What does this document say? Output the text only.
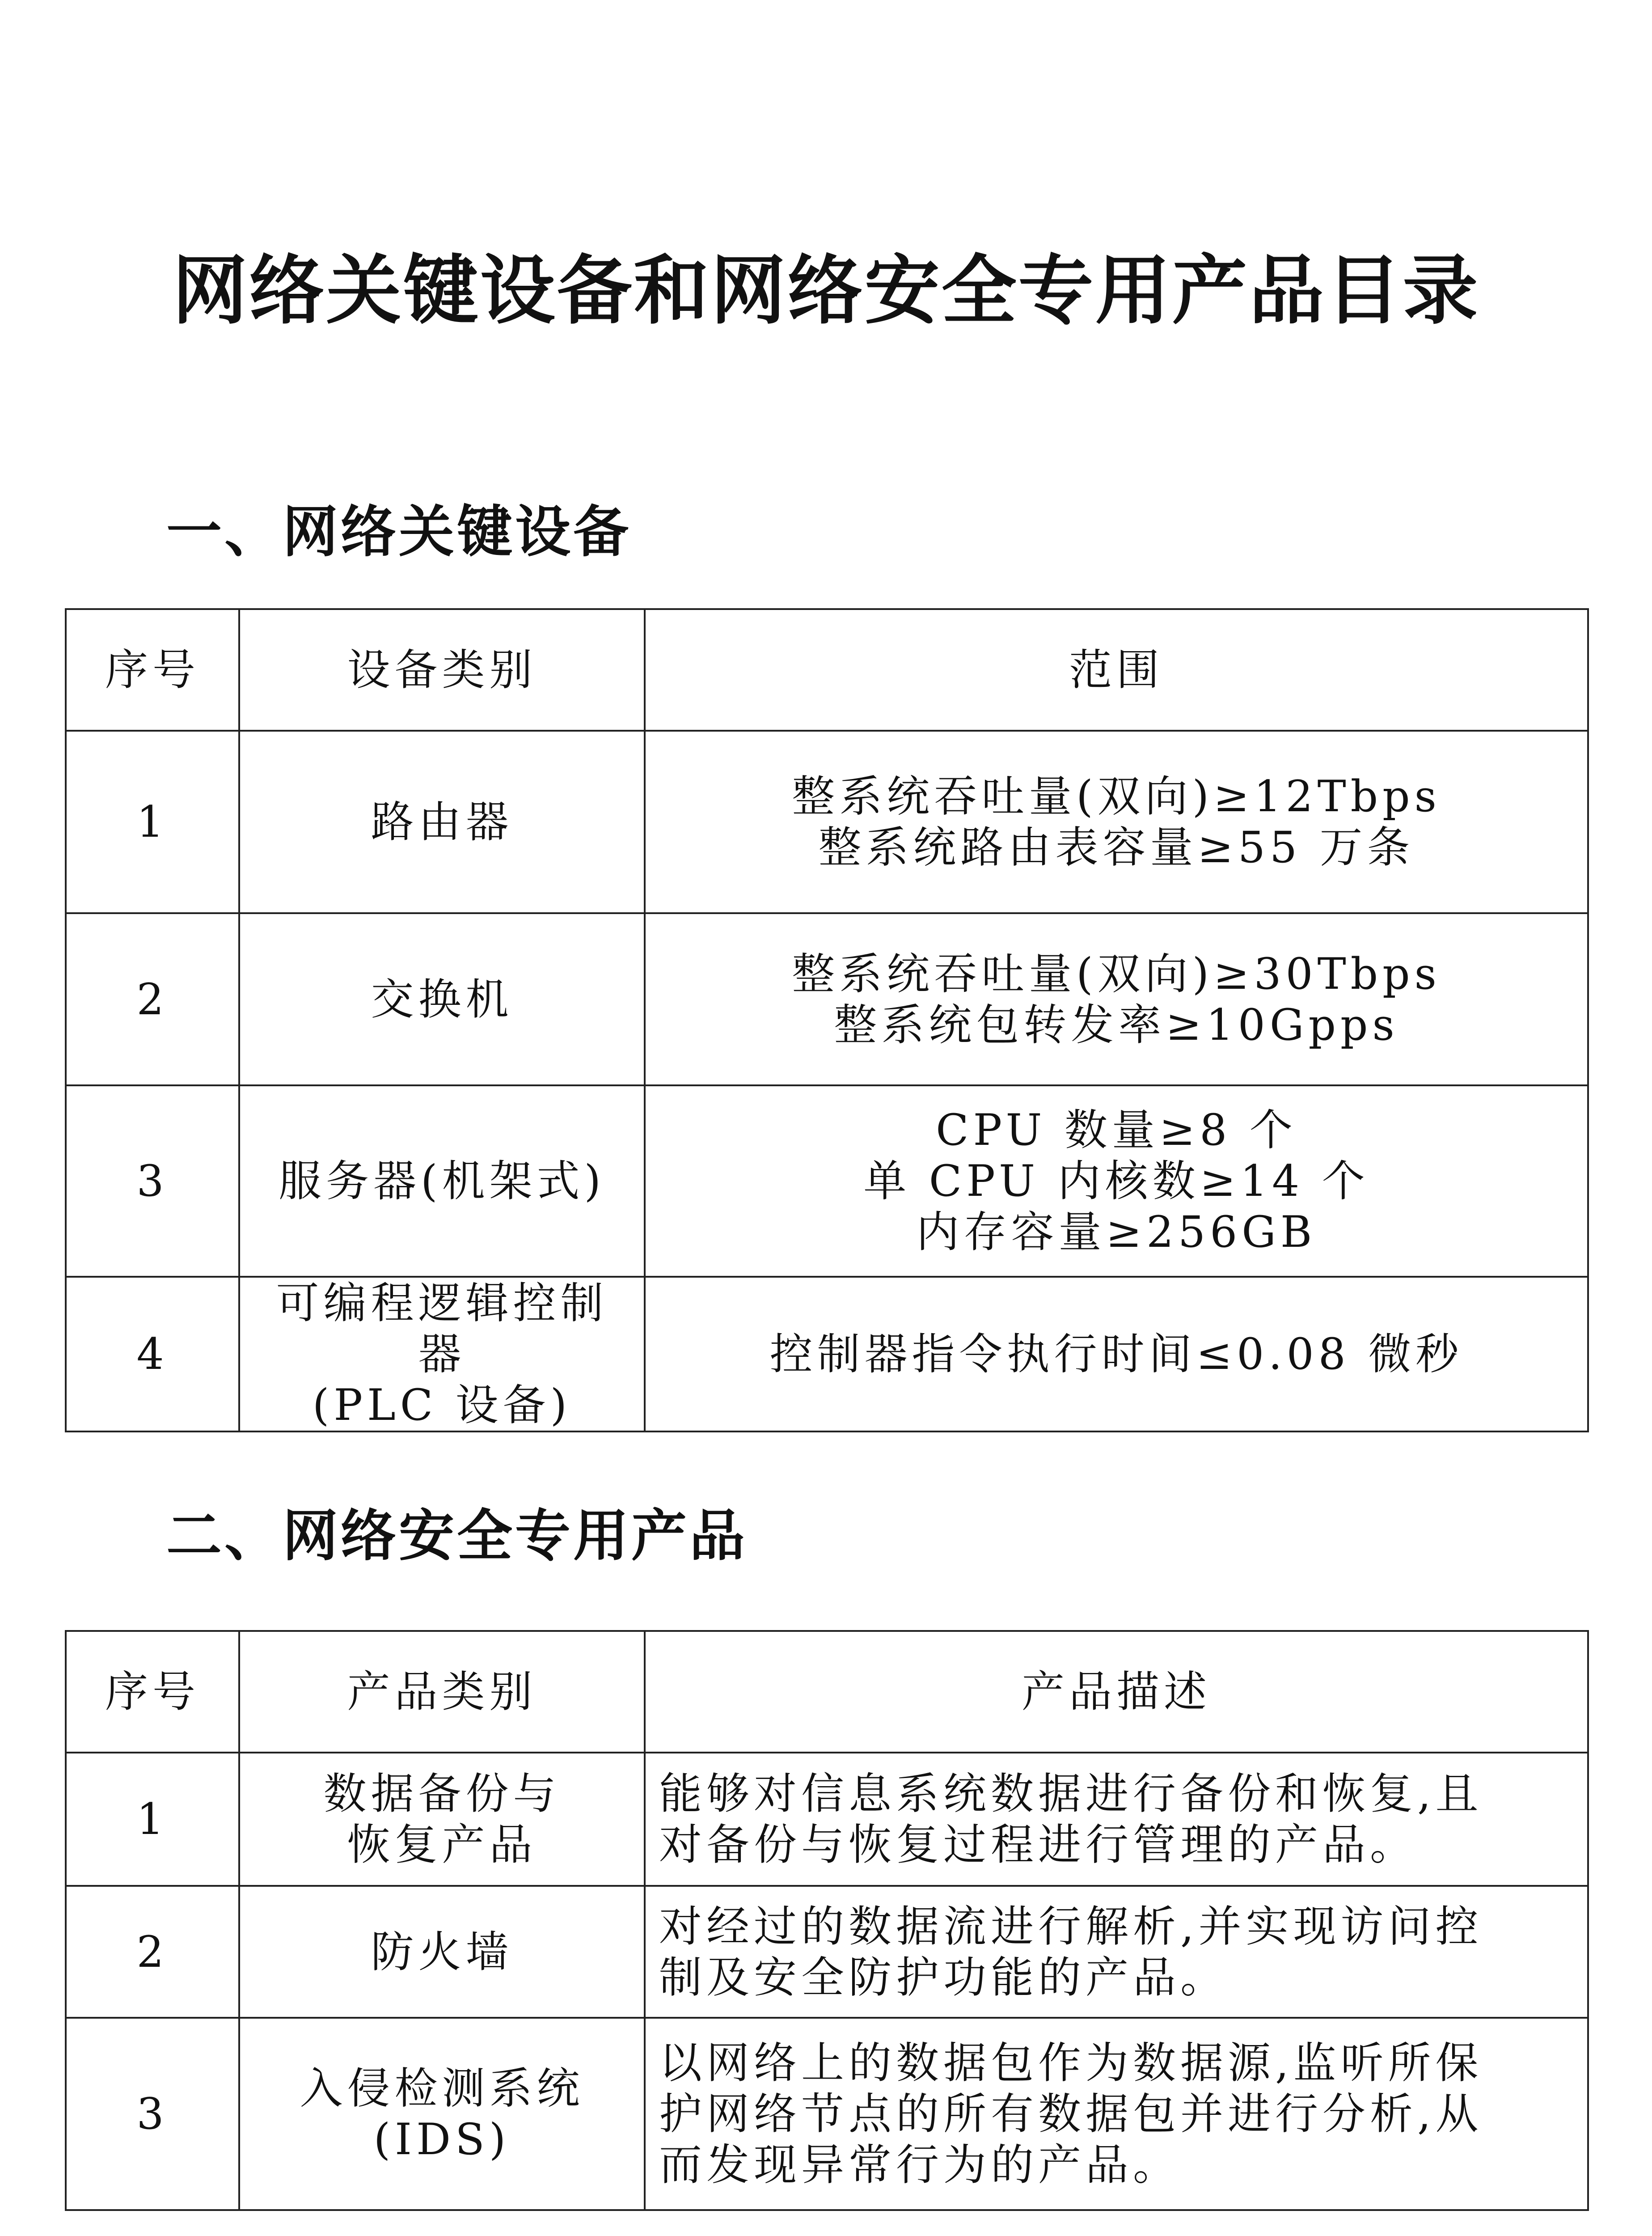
网络关键设备和网络安全专用产品目录
一、网络关键设备
序号	设备类别	范围
1	路由器	整系统吞吐量(双向)≥12Tbps
整系统路由表容量≥55 万条

2	交换机	整系统吞吐量(双向)≥30Tbps
整系统包转发率≥10Gpps

3	服务器(机架式)	CPU 数量≥8 个
单 CPU 内核数≥14 个
内存容量≥256GB

4	可编程逻辑控制器
(PLC 设备)	控制器指令执行时间≤0.08 微秒
二、网络安全专用产品
序号	产品类别	产品描述
1	数据备份与
恢复产品	能够对信息系统数据进行备份和恢复,且
对备份与恢复过程进行管理的产品。

2	防火墙	对经过的数据流进行解析,并实现访问控
制及安全防护功能的产品。

3	入侵检测系统
(IDS)	以网络上的数据包作为数据源,监听所保
护网络节点的所有数据包并进行分析,从
而发现异常行为的产品。
